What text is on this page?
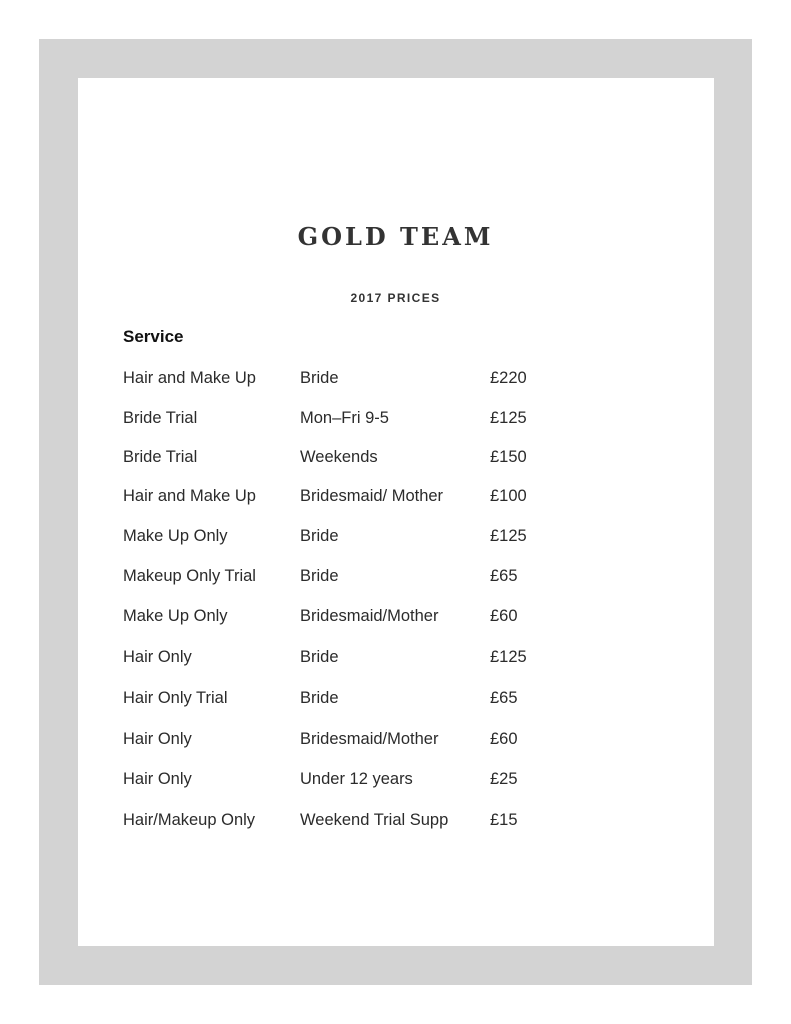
GOLD TEAM
2017 PRICES
Service
Hair and Make Up	Bride	£220
Bride Trial	Mon–Fri 9-5	£125
Bride Trial	Weekends	£150
Hair and Make Up	Bridesmaid/ Mother	£100
Make Up Only	Bride	£125
Makeup Only Trial	Bride	£65
Make Up Only	Bridesmaid/Mother	£60
Hair Only	Bride	£125
Hair Only Trial	Bride	£65
Hair Only	Bridesmaid/Mother	£60
Hair Only	Under 12 years	£25
Hair/Makeup Only	Weekend Trial Supp	£15
